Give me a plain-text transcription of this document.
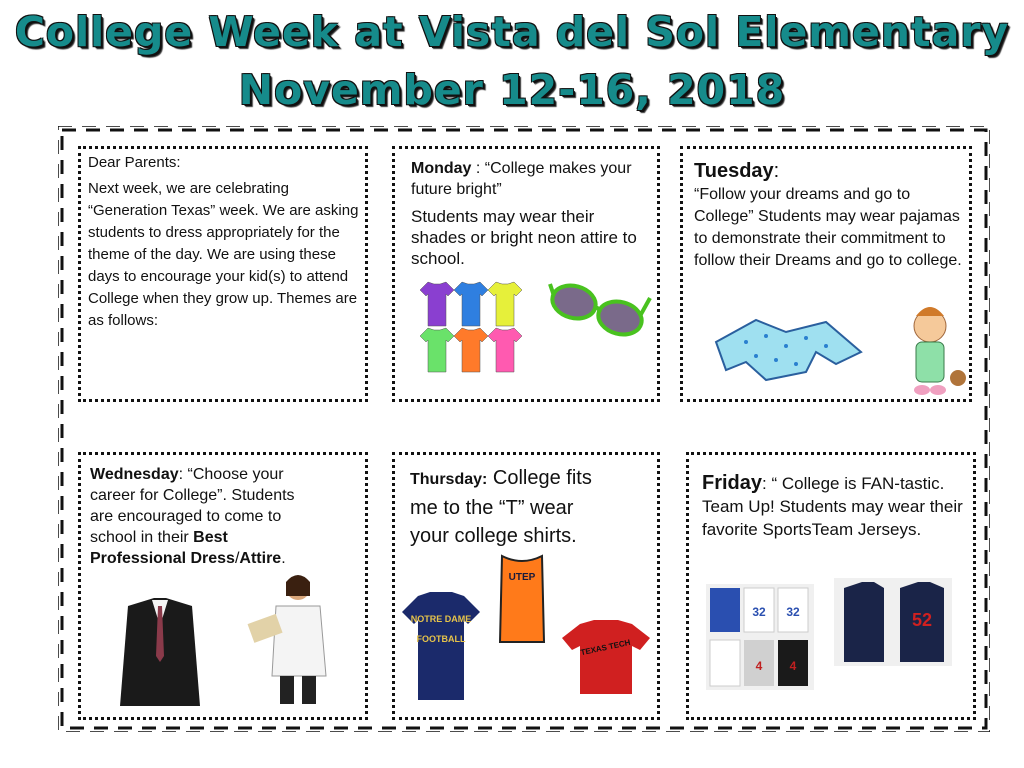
College Week at Vista del Sol Elementary
November 12-16, 2018

Dear Parents:

Next week, we are celebrating “Generation Texas” week. We are asking students to dress appropriately for the theme of the day. We are using these days to encourage your kid(s) to attend College when they grow up. Themes are as follows:

Monday : “College makes your future bright”

Students may wear their shades or bright neon attire to school.

Tuesday:

“Follow your dreams and go to College” Students may wear pajamas to demonstrate their commitment to follow their Dreams and go to college.

Wednesday: “Choose your career for College”. Students are encouraged to come to school in their Best Professional Dress/Attire.

Thursday: College fits me to the “T” wear your college shirts.

NOTRE DAME
FOOTBALL
UTEP
TEXAS TECH

Friday: “ College is FAN-tastic. Team Up! Students may wear their favorite SportsTeam Jerseys.

32 32
4 4
52
